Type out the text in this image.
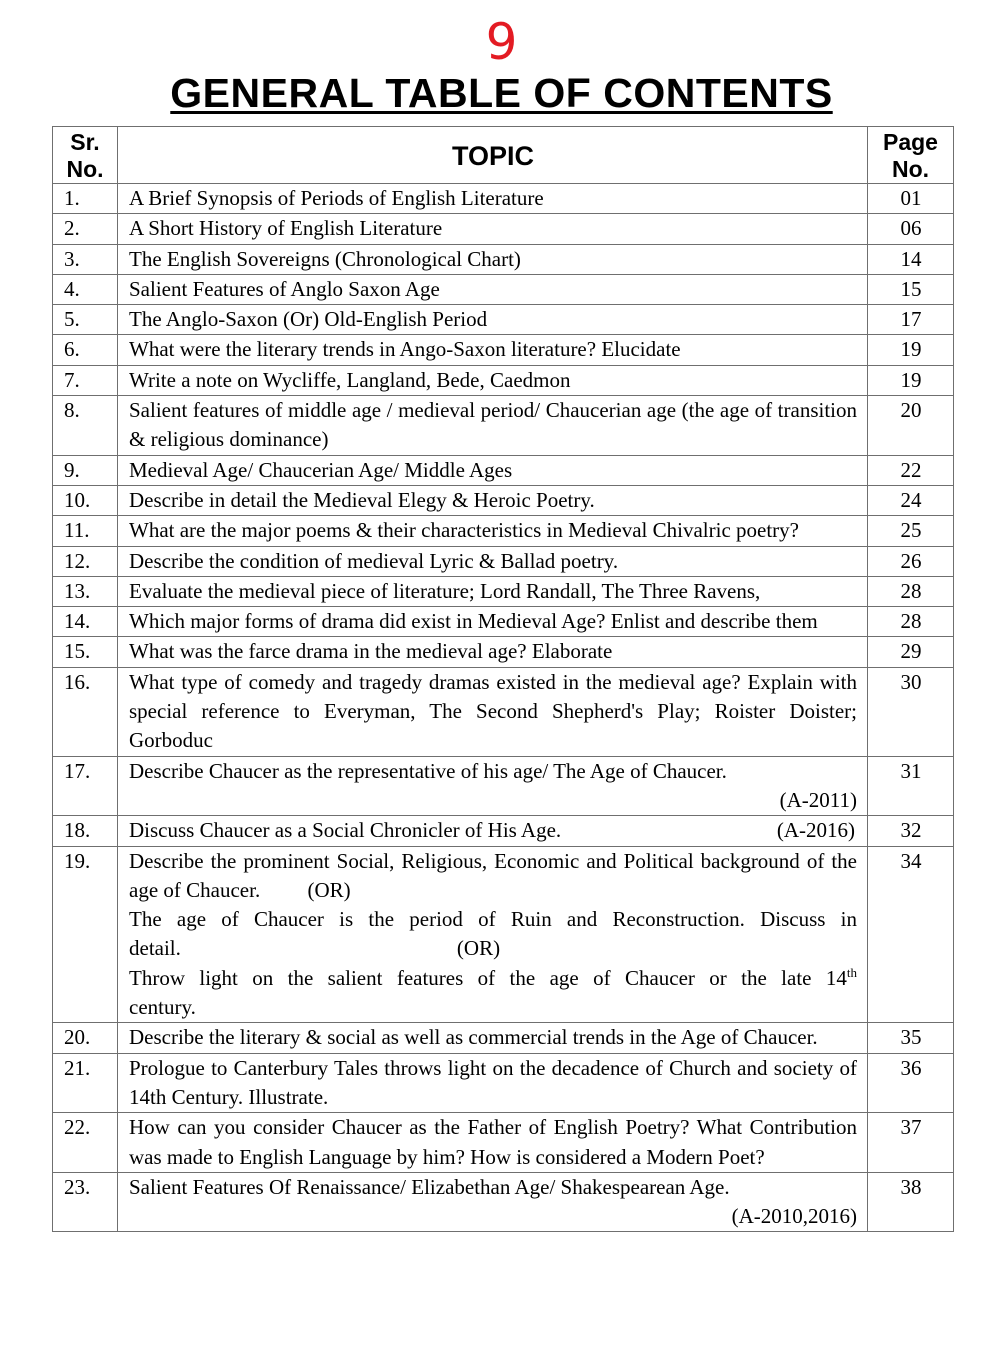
9
GENERAL TABLE OF CONTENTS
Sr.
No.	TOPIC	Page
No.
1.	A Brief Synopsis of Periods of English Literature	01
2.	A Short History of English Literature	06
3.	The English Sovereigns (Chronological Chart)	14
4.	Salient Features of Anglo Saxon Age	15
5.	The Anglo-Saxon (Or) Old-English Period	17
6.	What were the literary trends in Ango-Saxon literature? Elucidate	19
7.	Write a note on Wycliffe, Langland, Bede, Caedmon	19
8.	Salient features of middle age / medieval period/ Chaucerian age (the age of transition & religious dominance)	20
9.	Medieval Age/ Chaucerian Age/ Middle Ages	22
10.	Describe in detail the Medieval Elegy & Heroic Poetry.	24
11.	What are the major poems & their characteristics in Medieval Chivalric poetry?	25
12.	Describe the condition of medieval Lyric & Ballad poetry.	26
13.	Evaluate the medieval piece of literature; Lord Randall, The Three Ravens,	28
14.	Which major forms of drama did exist in Medieval Age? Enlist and describe them	28
15.	What was the farce drama in the medieval age? Elaborate	29
16.	What type of comedy and tragedy dramas existed in the medieval age? Explain with special reference to Everyman, The Second Shepherd's Play; Roister Doister; Gorboduc	30
17.	Describe Chaucer as the representative of his age/ The Age of Chaucer.
(A-2011)	31
18.	Discuss Chaucer as a Social Chronicler of His Age. (A-2016)	32
19.	Describe the prominent Social, Religious, Economic and Political background of the age of Chaucer. (OR)
The age of Chaucer is the period of Ruin and Reconstruction. Discuss in
detail. (OR)
Throw light on the salient features of the age of Chaucer or the late 14th
century.	34
20.	Describe the literary & social as well as commercial trends in the Age of Chaucer.	35
21.	Prologue to Canterbury Tales throws light on the decadence of Church and society of 14th Century. Illustrate.	36
22.	How can you consider Chaucer as the Father of English Poetry? What Contribution was made to English Language by him? How is considered a Modern Poet?	37
23.	Salient Features Of Renaissance/ Elizabethan Age/ Shakespearean Age.
(A-2010,2016)	38
